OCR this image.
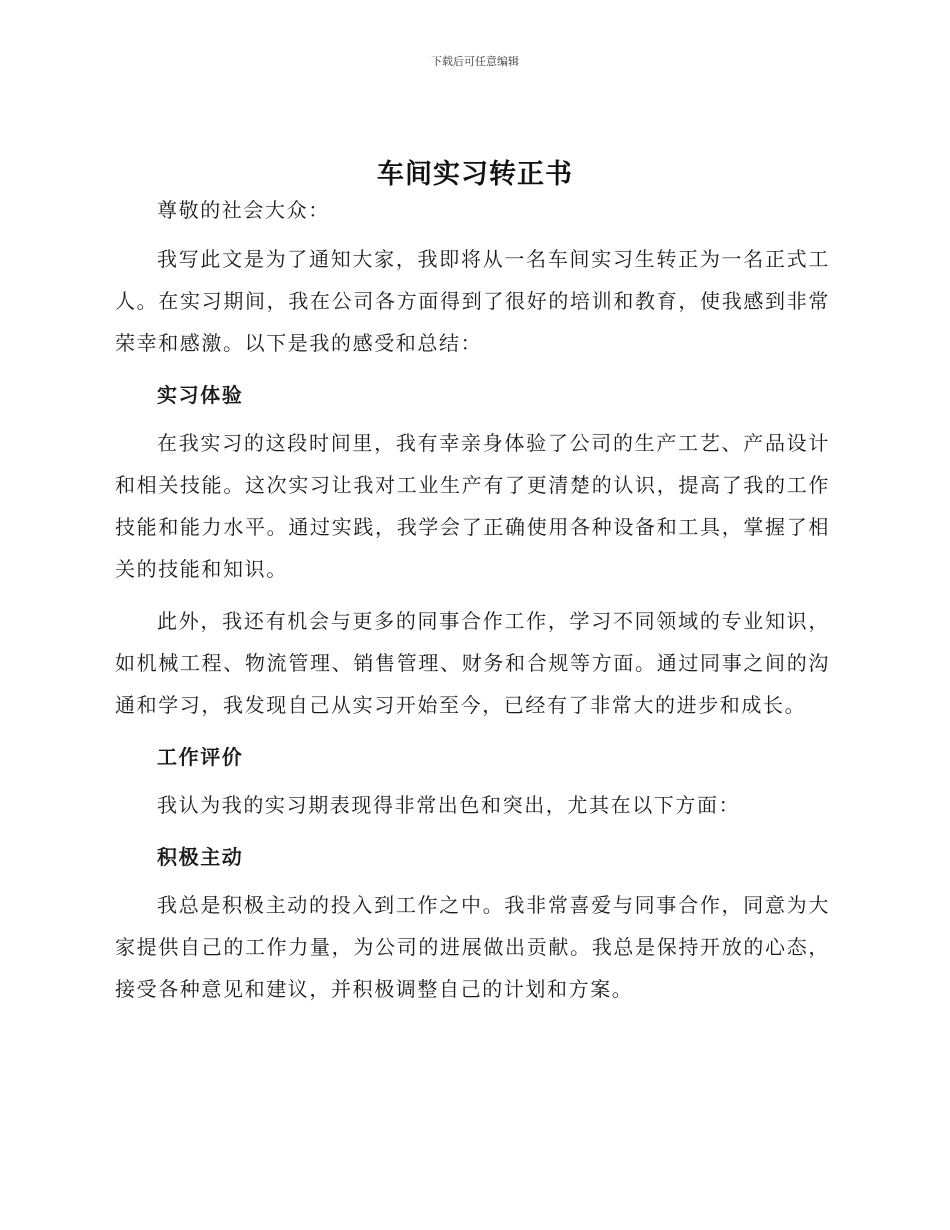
下载后可任意编辑
车间实习转正书
尊敬的社会大众：

我写此文是为了通知大家，我即将从一名车间实习生转正为一名正式工人。在实习期间，我在公司各方面得到了很好的培训和教育，使我感到非常荣幸和感激。以下是我的感受和总结：

实习体验

在我实习的这段时间里，我有幸亲身体验了公司的生产工艺、产品设计和相关技能。这次实习让我对工业生产有了更清楚的认识，提高了我的工作技能和能力水平。通过实践，我学会了正确使用各种设备和工具，掌握了相关的技能和知识。

此外，我还有机会与更多的同事合作工作，学习不同领域的专业知识，如机械工程、物流管理、销售管理、财务和合规等方面。通过同事之间的沟通和学习，我发现自己从实习开始至今，已经有了非常大的进步和成长。

工作评价

我认为我的实习期表现得非常出色和突出，尤其在以下方面：

积极主动

我总是积极主动的投入到工作之中。我非常喜爱与同事合作，同意为大家提供自己的工作力量，为公司的进展做出贡献。我总是保持开放的心态，接受各种意见和建议，并积极调整自己的计划和方案。
